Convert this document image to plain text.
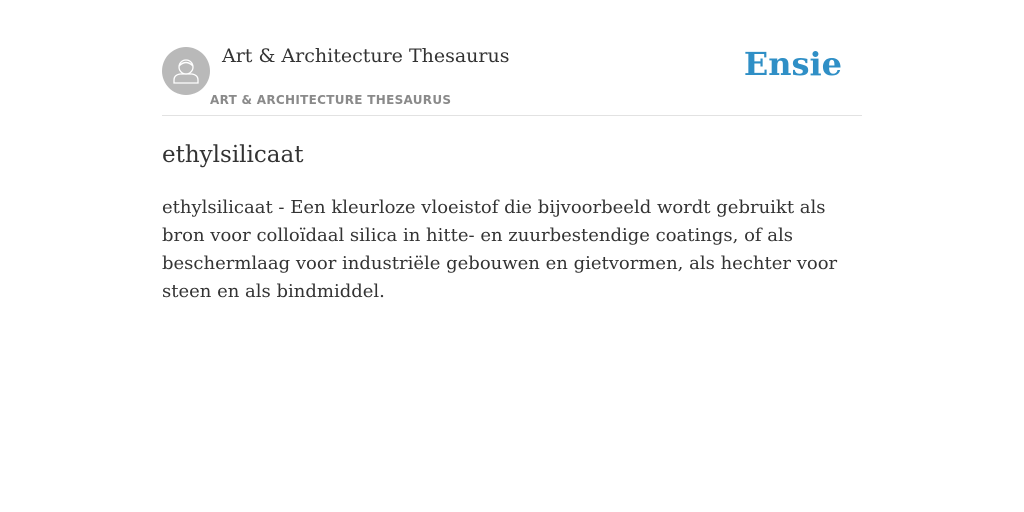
Art & Architecture Thesaurus
ART & ARCHITECTURE THESAURUS
Ensie
ethylsilicaat

ethylsilicaat - Een kleurloze vloeistof die bijvoorbeeld wordt gebruikt als bron voor colloïdaal silica in hitte- en zuurbestendige coatings, of als beschermlaag voor industriële gebouwen en gietvormen, als hechter voor steen en als bindmiddel.
